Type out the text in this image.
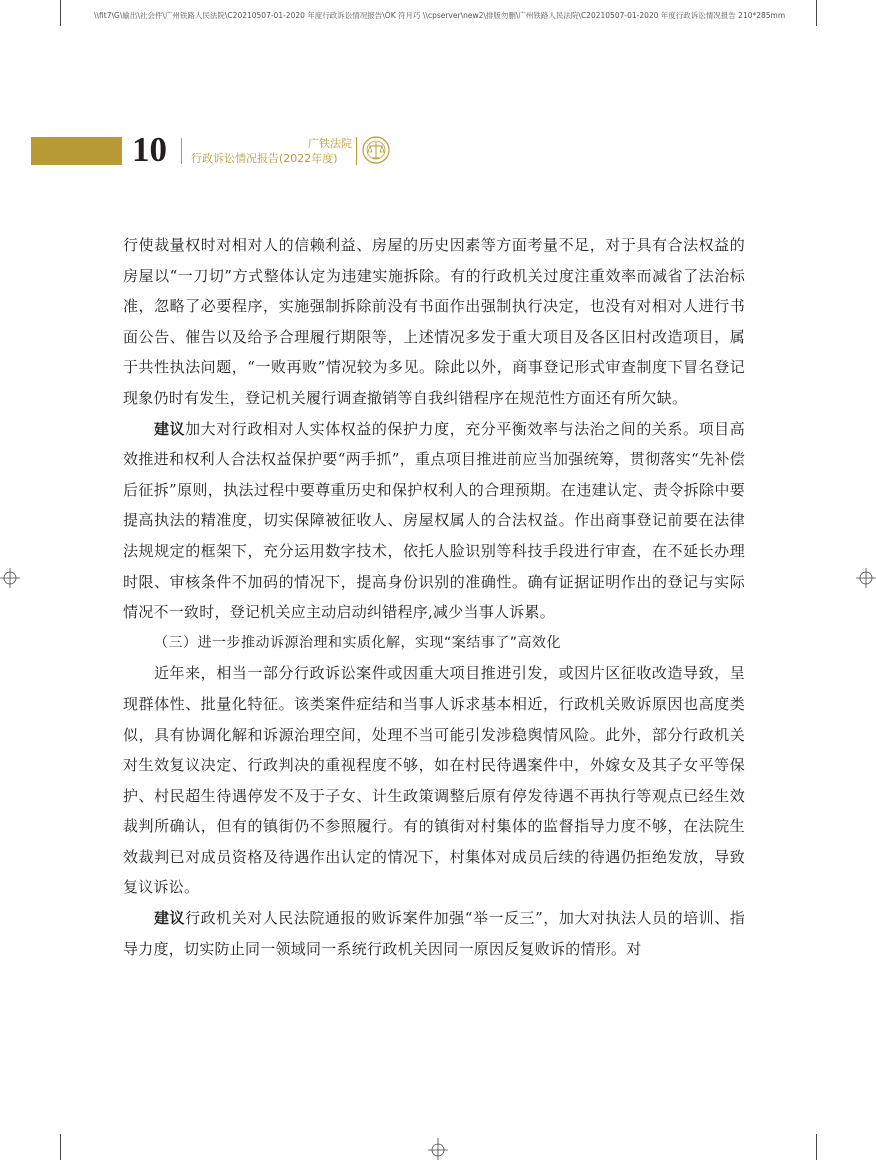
\\fit7\G\输出\社会件\广州铁路人民法院\C20210507-01-2020 年度行政诉讼情况报告\OK 符月巧 \\cpserver\new2\排版勿删\广州铁路人民法院\C20210507-01-2020 年度行政诉讼情况报告 210*285mm
10	广铁法院
行政诉讼情况报告(2022年度)

行使裁量权时对相对人的信赖利益、房屋的历史因素等方面考量不足，对于具有合法权益的房屋以“一刀切”方式整体认定为违建实施拆除。有的行政机关过度注重效率而减省了法治标准，忽略了必要程序，实施强制拆除前没有书面作出强制执行决定，也没有对相对人进行书面公告、催告以及给予合理履行期限等，上述情况多发于重大项目及各区旧村改造项目，属于共性执法问题，“一败再败”情况较为多见。除此以外，商事登记形式审查制度下冒名登记现象仍时有发生，登记机关履行调查撤销等自我纠错程序在规范性方面还有所欠缺。

建议加大对行政相对人实体权益的保护力度，充分平衡效率与法治之间的关系。项目高效推进和权利人合法权益保护要“两手抓”，重点项目推进前应当加强统筹，贯彻落实“先补偿后征拆”原则，执法过程中要尊重历史和保护权利人的合理预期。在违建认定、责令拆除中要提高执法的精准度，切实保障被征收人、房屋权属人的合法权益。作出商事登记前要在法律法规规定的框架下，充分运用数字技术，依托人脸识别等科技手段进行审查，在不延长办理时限、审核条件不加码的情况下，提高身份识别的准确性。确有证据证明作出的登记与实际情况不一致时，登记机关应主动启动纠错程序,减少当事人诉累。

（三）进一步推动诉源治理和实质化解，实现“案结事了”高效化

近年来，相当一部分行政诉讼案件或因重大项目推进引发，或因片区征收改造导致，呈现群体性、批量化特征。该类案件症结和当事人诉求基本相近，行政机关败诉原因也高度类似，具有协调化解和诉源治理空间，处理不当可能引发涉稳舆情风险。此外，部分行政机关对生效复议决定、行政判决的重视程度不够，如在村民待遇案件中，外嫁女及其子女平等保护、村民超生待遇停发不及于子女、计生政策调整后原有停发待遇不再执行等观点已经生效裁判所确认，但有的镇街仍不参照履行。有的镇街对村集体的监督指导力度不够，在法院生效裁判已对成员资格及待遇作出认定的情况下，村集体对成员后续的待遇仍拒绝发放，导致复议诉讼。

建议行政机关对人民法院通报的败诉案件加强“举一反三”，加大对执法人员的培训、指导力度，切实防止同一领域同一系统行政机关因同一原因反复败诉的情形。对
